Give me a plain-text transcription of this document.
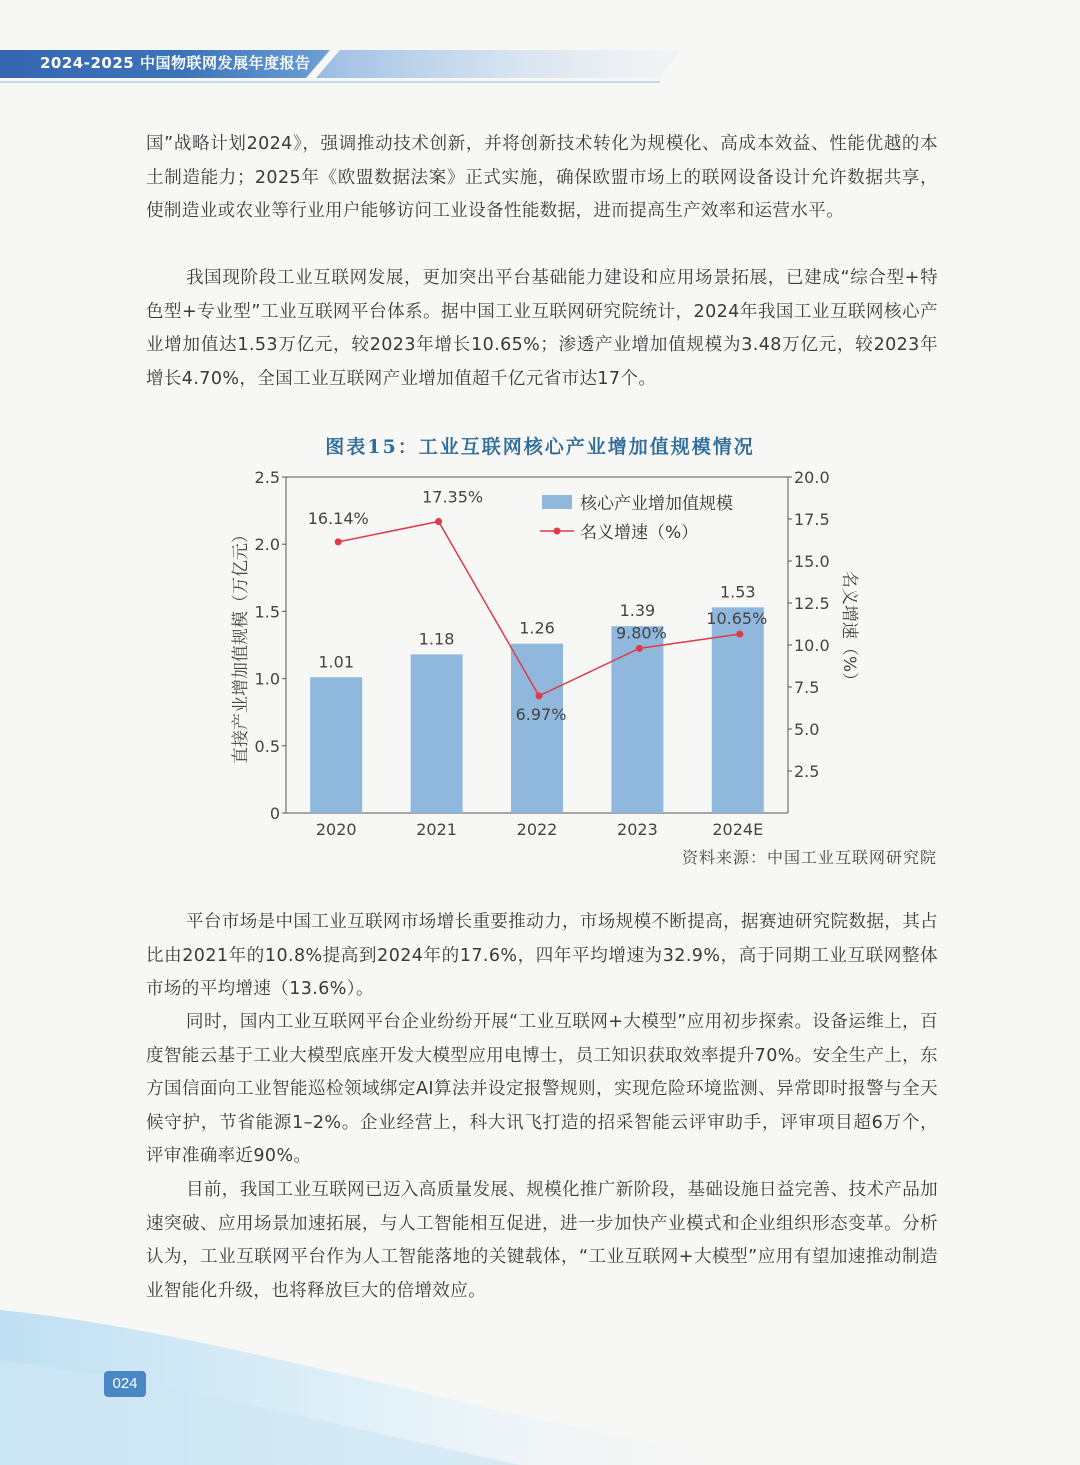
2024-2025 中国物联网发展年度报告

国”战略计划2024》，强调推动技术创新，并将创新技术转化为规模化、高成本效益、性能优越的本土制造能力；2025年《欧盟数据法案》正式实施，确保欧盟市场上的联网设备设计允许数据共享，使制造业或农业等行业用户能够访问工业设备性能数据，进而提高生产效率和运营水平。

我国现阶段工业互联网发展，更加突出平台基础能力建设和应用场景拓展，已建成“综合型+特色型+专业型”工业互联网平台体系。据中国工业互联网研究院统计，2024年我国工业互联网核心产业增加值达1.53万亿元，较2023年增长10.65%；渗透产业增加值规模为3.48万亿元，较2023年增长4.70%，全国工业互联网产业增加值超千亿元省市达17个。

图表15：工业互联网核心产业增加值规模情况
0
0.5
1.0
1.5
2.0
2.5
2.5
5.0
7.5
10.0
12.5
15.0
17.5
20.0
2020	2021	2022	2023	2024E
直接产业增加值规模（万亿元）	名义增速（%）
1.01
1.18
1.26
1.39
1.53
16.14%
17.35%
6.97%
9.80%
10.65%
核心产业增加值规模
名义增速（%）
资料来源：中国工业互联网研究院

平台市场是中国工业互联网市场增长重要推动力，市场规模不断提高，据赛迪研究院数据，其占比由2021年的10.8%提高到2024年的17.6%，四年平均增速为32.9%，高于同期工业互联网整体市场的平均增速（13.6%）。

同时，国内工业互联网平台企业纷纷开展“工业互联网+大模型”应用初步探索。设备运维上，百度智能云基于工业大模型底座开发大模型应用电博士，员工知识获取效率提升70%。安全生产上，东方国信面向工业智能巡检领域绑定AI算法并设定报警规则，实现危险环境监测、异常即时报警与全天候守护，节省能源1–2%。企业经营上，科大讯飞打造的招采智能云评审助手，评审项目超6万个，评审准确率近90%。

目前，我国工业互联网已迈入高质量发展、规模化推广新阶段，基础设施日益完善、技术产品加速突破、应用场景加速拓展，与人工智能相互促进，进一步加快产业模式和企业组织形态变革。分析认为，工业互联网平台作为人工智能落地的关键载体，“工业互联网+大模型”应用有望加速推动制造业智能化升级，也将释放巨大的倍增效应。

024
